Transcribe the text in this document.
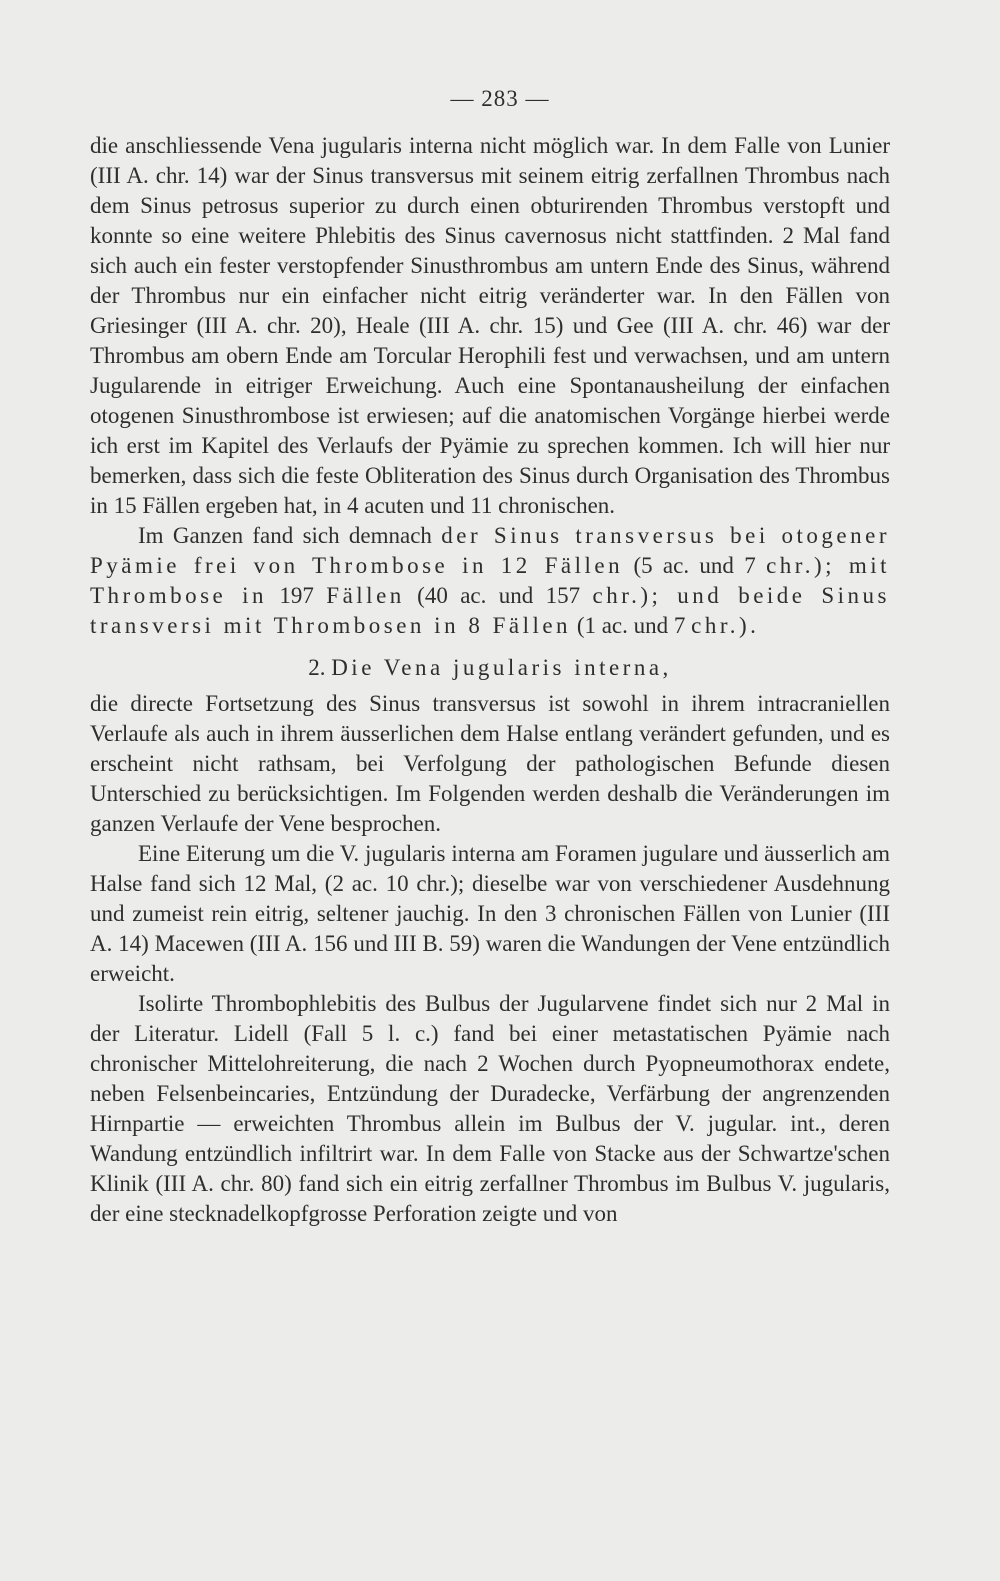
— 283 —

die anschliessende Vena jugularis interna nicht möglich war. In dem Falle von Lunier (III A. chr. 14) war der Sinus transversus mit seinem eitrig zerfallnen Thrombus nach dem Sinus petrosus superior zu durch einen obturirenden Thrombus verstopft und konnte so eine weitere Phlebitis des Sinus cavernosus nicht stattfinden. 2 Mal fand sich auch ein fester verstopfender Sinusthrombus am untern Ende des Sinus, während der Thrombus nur ein einfacher nicht eitrig veränderter war. In den Fällen von Griesinger (III A. chr. 20), Heale (III A. chr. 15) und Gee (III A. chr. 46) war der Thrombus am obern Ende am Torcular Herophili fest und verwachsen, und am untern Jugularende in eitriger Erweichung. Auch eine Spontanausheilung der einfachen otogenen Sinusthrombose ist erwiesen; auf die anatomischen Vorgänge hierbei werde ich erst im Kapitel des Verlaufs der Pyämie zu sprechen kommen. Ich will hier nur bemerken, dass sich die feste Obliteration des Sinus durch Organisation des Thrombus in 15 Fällen ergeben hat, in 4 acuten und 11 chronischen.

Im Ganzen fand sich demnach der Sinus transversus bei otogener Pyämie frei von Thrombose in 12 Fällen (5 ac. und 7 chr.); mit Thrombose in 197 Fällen (40 ac. und 157 chr.); und beide Sinus transversi mit Thrombosen in 8 Fällen (1 ac. und 7 chr.).

2. Die Vena jugularis interna,

die directe Fortsetzung des Sinus transversus ist sowohl in ihrem intracraniellen Verlaufe als auch in ihrem äusserlichen dem Halse entlang verändert gefunden, und es erscheint nicht rathsam, bei Verfolgung der pathologischen Befunde diesen Unterschied zu berücksichtigen. Im Folgenden werden deshalb die Veränderungen im ganzen Verlaufe der Vene besprochen.

Eine Eiterung um die V. jugularis interna am Foramen jugulare und äusserlich am Halse fand sich 12 Mal, (2 ac. 10 chr.); dieselbe war von verschiedener Ausdehnung und zumeist rein eitrig, seltener jauchig. In den 3 chronischen Fällen von Lunier (III A. 14) Macewen (III A. 156 und III B. 59) waren die Wandungen der Vene entzündlich erweicht.

Isolirte Thrombophlebitis des Bulbus der Jugularvene findet sich nur 2 Mal in der Literatur. Lidell (Fall 5 l. c.) fand bei einer metastatischen Pyämie nach chronischer Mittelohreiterung, die nach 2 Wochen durch Pyopneumothorax endete, neben Felsenbeincaries, Entzündung der Duradecke, Verfärbung der angrenzenden Hirnpartie — erweichten Thrombus allein im Bulbus der V. jugular. int., deren Wandung entzündlich infiltrirt war. In dem Falle von Stacke aus der Schwartze'schen Klinik (III A. chr. 80) fand sich ein eitrig zerfallner Thrombus im Bulbus V. jugularis, der eine stecknadelkopfgrosse Perforation zeigte und von
